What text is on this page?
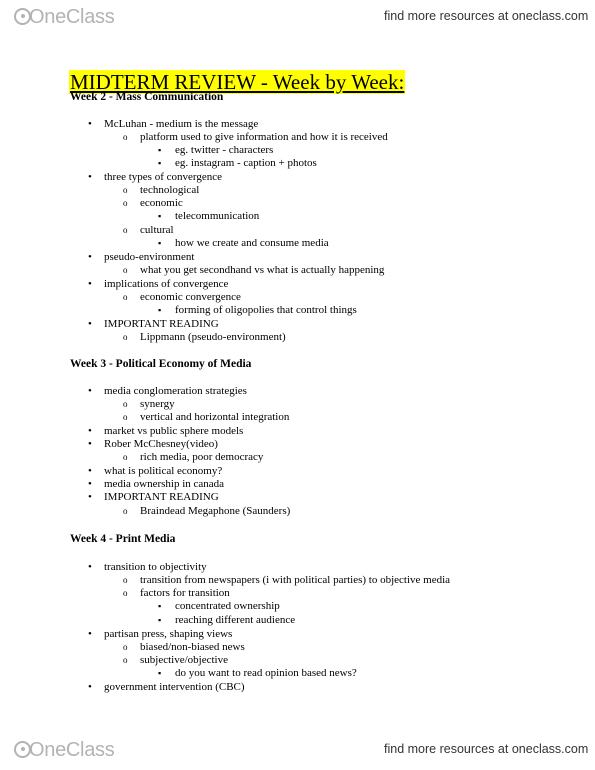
OneClass	find more resources at oneclass.com
MIDTERM REVIEW - Week by Week:
Week 2 - Mass Communication
•
McLuhan - medium is the message
o
platform used to give information and how it is received
▪
eg. twitter - characters
▪
eg. instagram - caption + photos
•
three types of convergence
o
technological
o
economic
▪
telecommunication
o
cultural
▪
how we create and consume media
•
pseudo-environment
o
what you get secondhand vs what is actually happening
•
implications of convergence
o
economic convergence
▪
forming of oligopolies that control things
•
IMPORTANT READING
o
Lippmann (pseudo-environment)
Week 3 - Political Economy of Media
•
media conglomeration strategies
o
synergy
o
vertical and horizontal integration
•
market vs public sphere models
•
Rober McChesney(video)
o
rich media, poor democracy
•
what is political economy?
•
media ownership in canada
•
IMPORTANT READING
o
Braindead Megaphone (Saunders)
Week 4 - Print Media
•
transition to objectivity
o
transition from newspapers (i with political parties) to objective media
o
factors for transition
▪
concentrated ownership
▪
reaching different audience
•
partisan press, shaping views
o
biased/non-biased news
o
subjective/objective
▪
do you want to read opinion based news?
•
government intervention (CBC)
OneClass	find more resources at oneclass.com
